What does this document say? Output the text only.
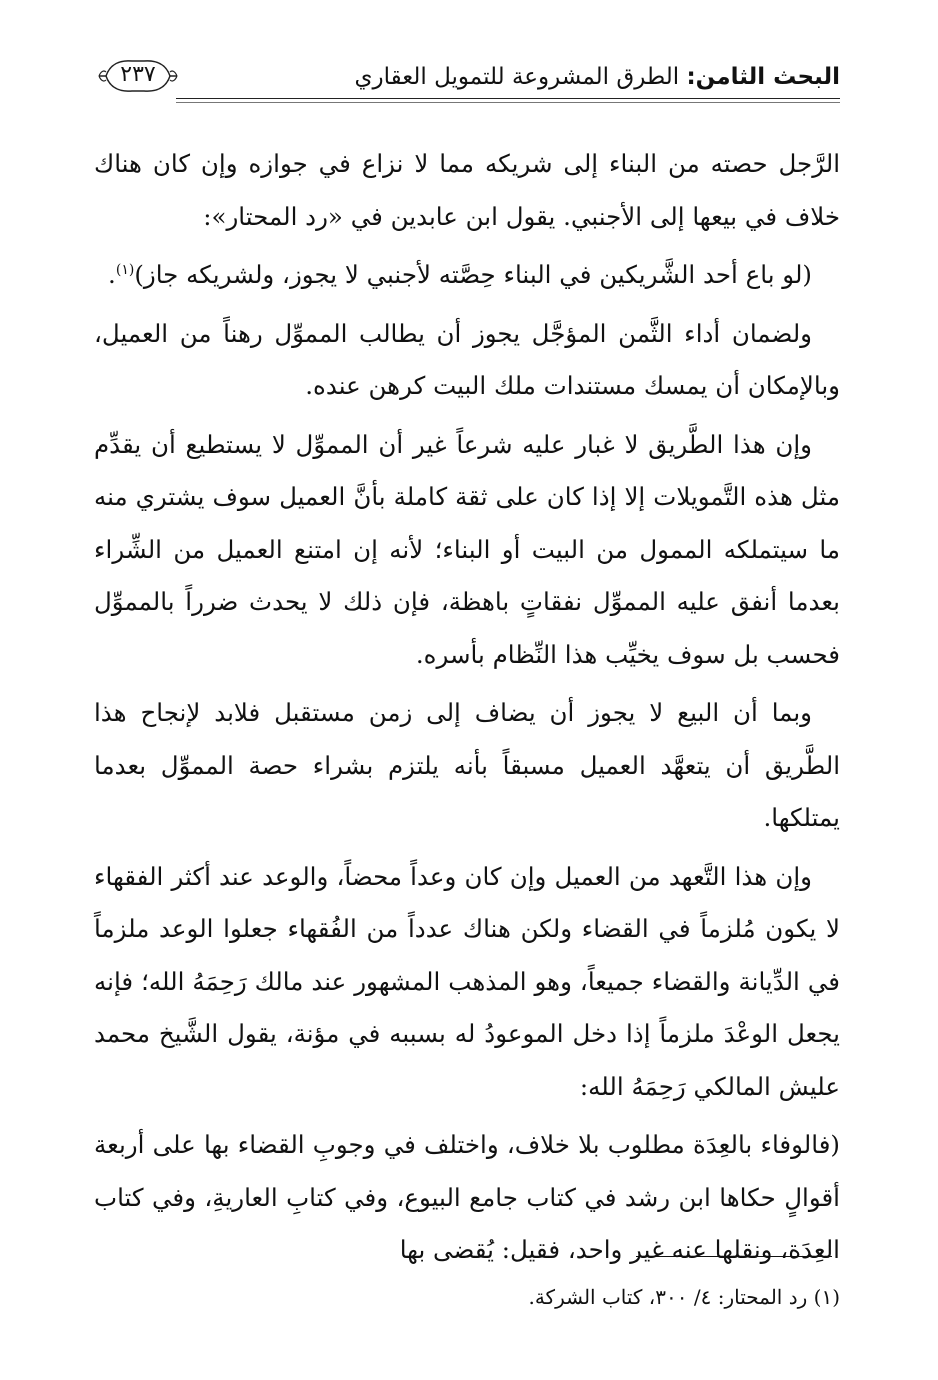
٢٣٧	البحث الثامن: الطرق المشروعة للتمويل العقاري

الرَّجل حصته من البناء إلى شريكه مما لا نزاع في جوازه وإن كان هناك خلاف في بيعها إلى الأجنبي. يقول ابن عابدين في «رد المحتار»:

(لو باع أحد الشَّريكين في البناء حِصَّته لأجنبي لا يجوز، ولشريكه جاز)$^{(١)}$.

ولضمان أداء الثَّمن المؤجَّل يجوز أن يطالب المموِّل رهناً من العميل، وبالإمكان أن يمسك مستندات ملك البيت كرهن عنده.

وإن هذا الطَّريق لا غبار عليه شرعاً غير أن المموِّل لا يستطيع أن يقدِّم مثل هذه التَّمويلات إلا إذا كان على ثقة كاملة بأنَّ العميل سوف يشتري منه ما سيتملكه الممول من البيت أو البناء؛ لأنه إن امتنع العميل من الشِّراء بعدما أنفق عليه المموِّل نفقاتٍ باهظة، فإن ذلك لا يحدث ضرراً بالمموِّل فحسب بل سوف يخيِّب هذا النِّظام بأسره.

وبما أن البيع لا يجوز أن يضاف إلى زمن مستقبل فلابد لإنجاح هذا الطَّريق أن يتعهَّد العميل مسبقاً بأنه يلتزم بشراء حصة المموِّل بعدما يمتلكها.

وإن هذا التَّعهد من العميل وإن كان وعداً محضاً، والوعد عند أكثر الفقهاء لا يكون مُلزماً في القضاء ولكن هناك عدداً من الفُقهاء جعلوا الوعد ملزماً في الدِّيانة والقضاء جميعاً، وهو المذهب المشهور عند مالك رَحِمَهُ الله؛ فإنه يجعل الوعْدَ ملزماً إذا دخل الموعودُ له بسببه في مؤنة، يقول الشَّيخ محمد عليش المالكي رَحِمَهُ الله:

(فالوفاء بالعِدَة مطلوب بلا خلاف، واختلف في وجوبِ القضاء بها على أربعة أقوالٍ حكاها ابن رشد في كتاب جامع البيوع، وفي كتابِ العاريةِ، وفي كتاب العِدَة، ونقلها عنه غير واحد، فقيل: يُقضى بها

(١) رد المحتار: ٤/ ٣٠٠، كتاب الشركة.
